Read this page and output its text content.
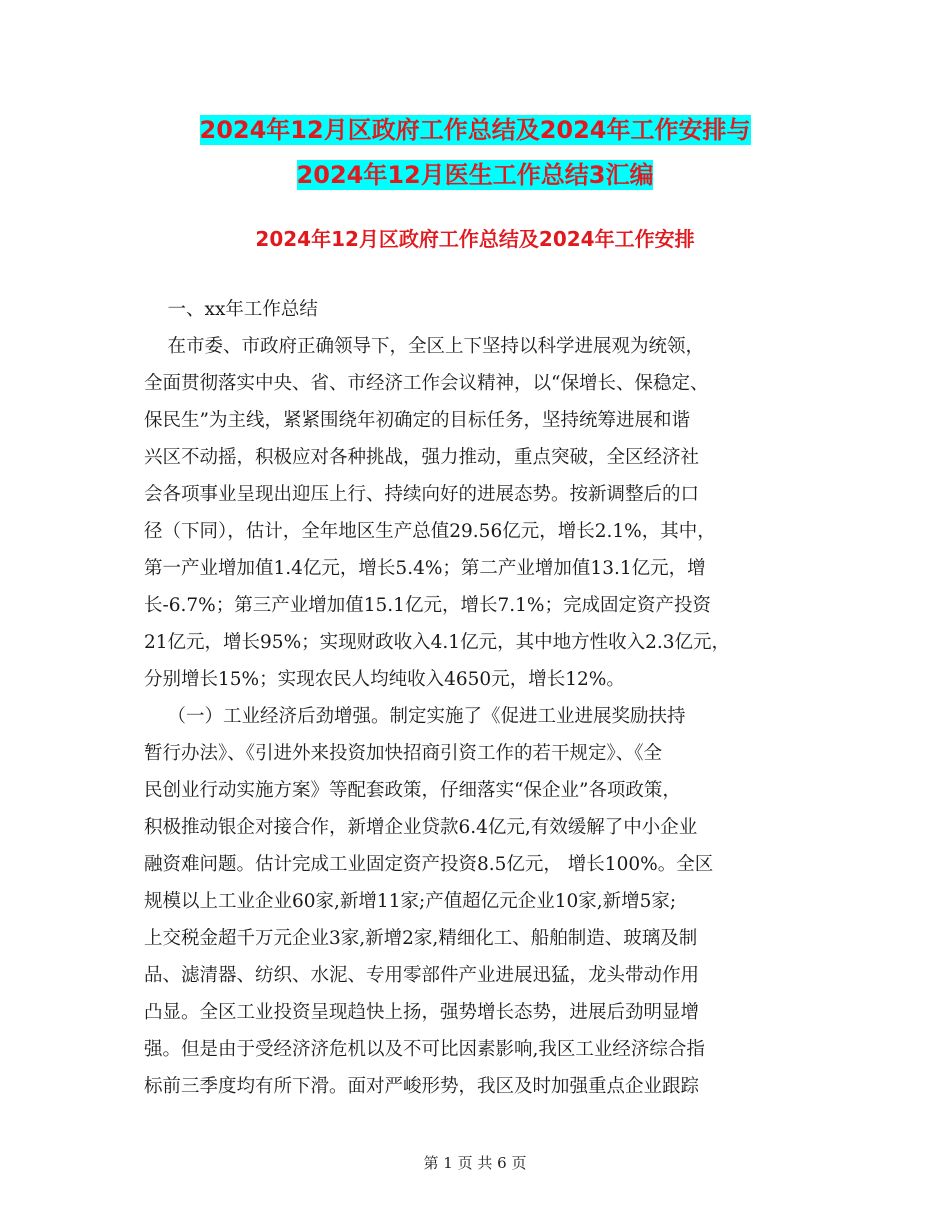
2024年12月区政府工作总结及2024年工作安排与
2024年12月医生工作总结3汇编
2024年12月区政府工作总结及2024年工作安排
一、xx年工作总结
在市委、市政府正确领导下，全区上下坚持以科学进展观为统领，
全面贯彻落实中央、省、市经济工作会议精神，以“保增长、保稳定、
保民生”为主线，紧紧围绕年初确定的目标任务，坚持统筹进展和谐
兴区不动摇，积极应对各种挑战，强力推动，重点突破，全区经济社
会各项事业呈现出迎压上行、持续向好的进展态势。按新调整后的口
径（下同），估计，全年地区生产总值29.56亿元，增长2.1%，其中，
第一产业增加值1.4亿元，增长5.4%；第二产业增加值13.1亿元，增
长-6.7%；第三产业增加值15.1亿元，增长7.1%；完成固定资产投资
21亿元，增长95%；实现财政收入4.1亿元，其中地方性收入2.3亿元，
分别增长15%；实现农民人均纯收入4650元，增长12%。
（一）工业经济后劲增强。制定实施了《促进工业进展奖励扶持
暂行办法》、《引进外来投资加快招商引资工作的若干规定》、《全
民创业行动实施方案》等配套政策，仔细落实“保企业”各项政策，
积极推动银企对接合作，新增企业贷款6.4亿元,有效缓解了中小企业
融资难问题。估计完成工业固定资产投资8.5亿元， 增长100%。全区
规模以上工业企业60家,新增11家;产值超亿元企业10家,新增5家;
上交税金超千万元企业3家,新增2家,精细化工、船舶制造、玻璃及制
品、滤清器、纺织、水泥、专用零部件产业进展迅猛，龙头带动作用
凸显。全区工业投资呈现趋快上扬，强势增长态势，进展后劲明显增
强。但是由于受经济济危机以及不可比因素影响,我区工业经济综合指
标前三季度均有所下滑。面对严峻形势，我区及时加强重点企业跟踪
第 1 页 共 6 页
